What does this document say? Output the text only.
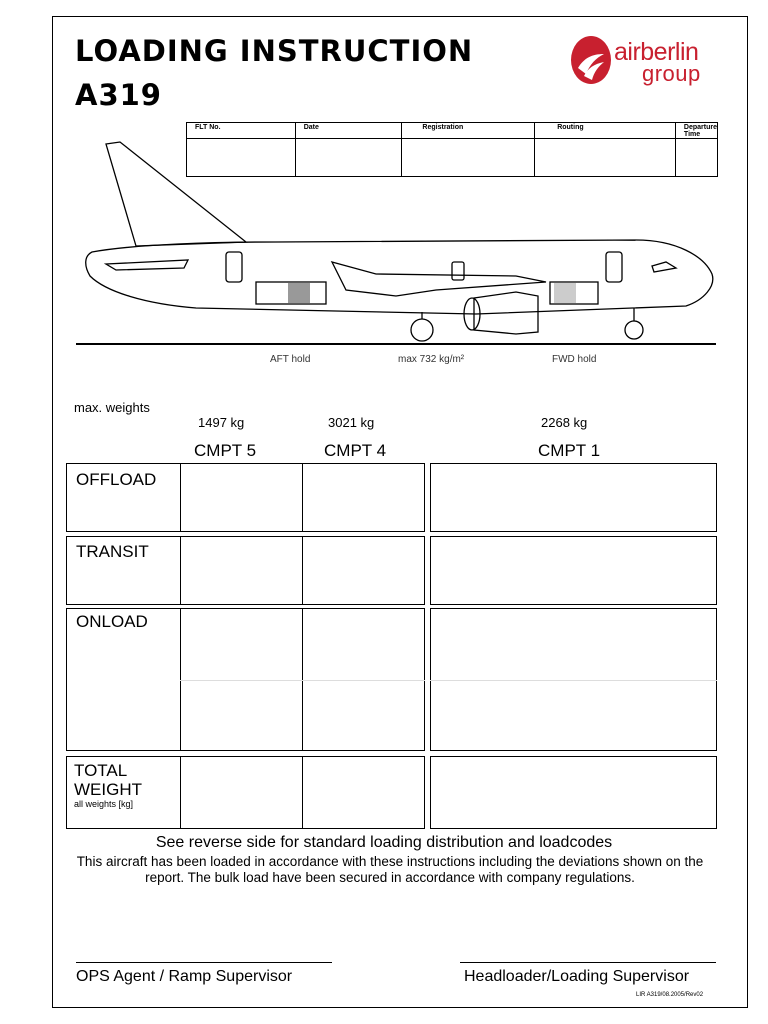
LOADING INSTRUCTION
A319
airberlin
group
FLT No.	Date	Registration	Routing	Departure Time

AFT hold	max 732 kg/m²	FWD hold
max. weights
1497 kg	3021 kg	2268 kg
CMPT 5	CMPT 4	CMPT 1
OFFLOAD
TRANSIT
ONLOAD
TOTAL
WEIGHT
all weights [kg]
See reverse side for standard loading distribution and loadcodes
This aircraft has been loaded in accordance with these instructions including the deviations shown on the report. The bulk load have been secured in accordance with company regulations.
OPS Agent / Ramp Supervisor	Headloader/Loading Supervisor
LIR A319/08.2005/Rev02
